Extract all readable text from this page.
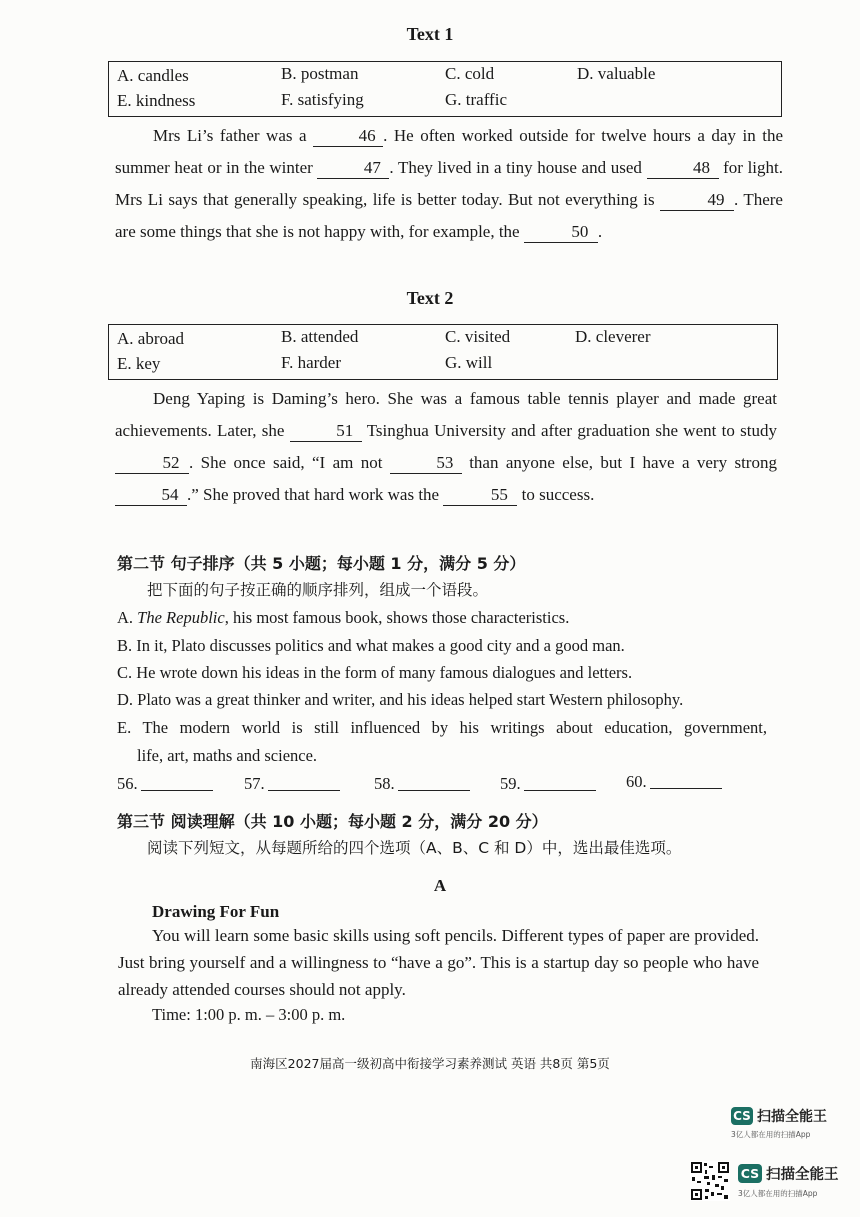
Text 1
A. candles	B. postman	C. cold	D. valuable
E. kindness	F. satisfying	G. traffic
Mrs Li’s father was a	46 . He often worked outside for twelve hours a day in the summer heat or in the winter	47 . They lived in a tiny house and used	48 for light. Mrs Li says that generally speaking, life is better today. But not everything is	49 . There are some things that she is not happy with, for example, the	50 .
Text 2
A. abroad	B. attended	C. visited	D. cleverer
E. key	F. harder	G. will
Deng Yaping is Daming’s hero. She was a famous table tennis player and made great achievements. Later, she	51 Tsinghua University and after graduation she went to study 52 . She once said, “I am not	53 than anyone else, but I have a very strong 54 .” She proved that hard work was the	55 to success.
第二节 句子排序（共 5 小题；每小题 1 分，满分 5 分）
把下面的句子按正确的顺序排列，组成一个语段。
A. The Republic, his most famous book, shows those characteristics.
B. In it, Plato discusses politics and what makes a good city and a good man.
C. He wrote down his ideas in the form of many famous dialogues and letters.
D. Plato was a great thinker and writer, and his ideas helped start Western philosophy.
E. The modern world is still influenced by his writings about education, government,
life, art, maths and science.
56.	57.	58.	59.	60.
第三节 阅读理解（共 10 小题；每小题 2 分，满分 20 分）
阅读下列短文，从每题所给的四个选项（A、B、C 和 D）中，选出最佳选项。
A
Drawing For Fun
You will learn some basic skills using soft pencils. Different types of paper are provided. Just bring yourself and a willingness to “have a go”. This is a startup day so people who have already attended courses should not apply.
Time: 1:00 p. m. – 3:00 p. m.
南海区2027届高一级初高中衔接学习素养测试 英语 共8页 第5页
CS 扫描全能王
3亿人都在用的扫描App
CS 扫描全能王
3亿人都在用的扫描App
